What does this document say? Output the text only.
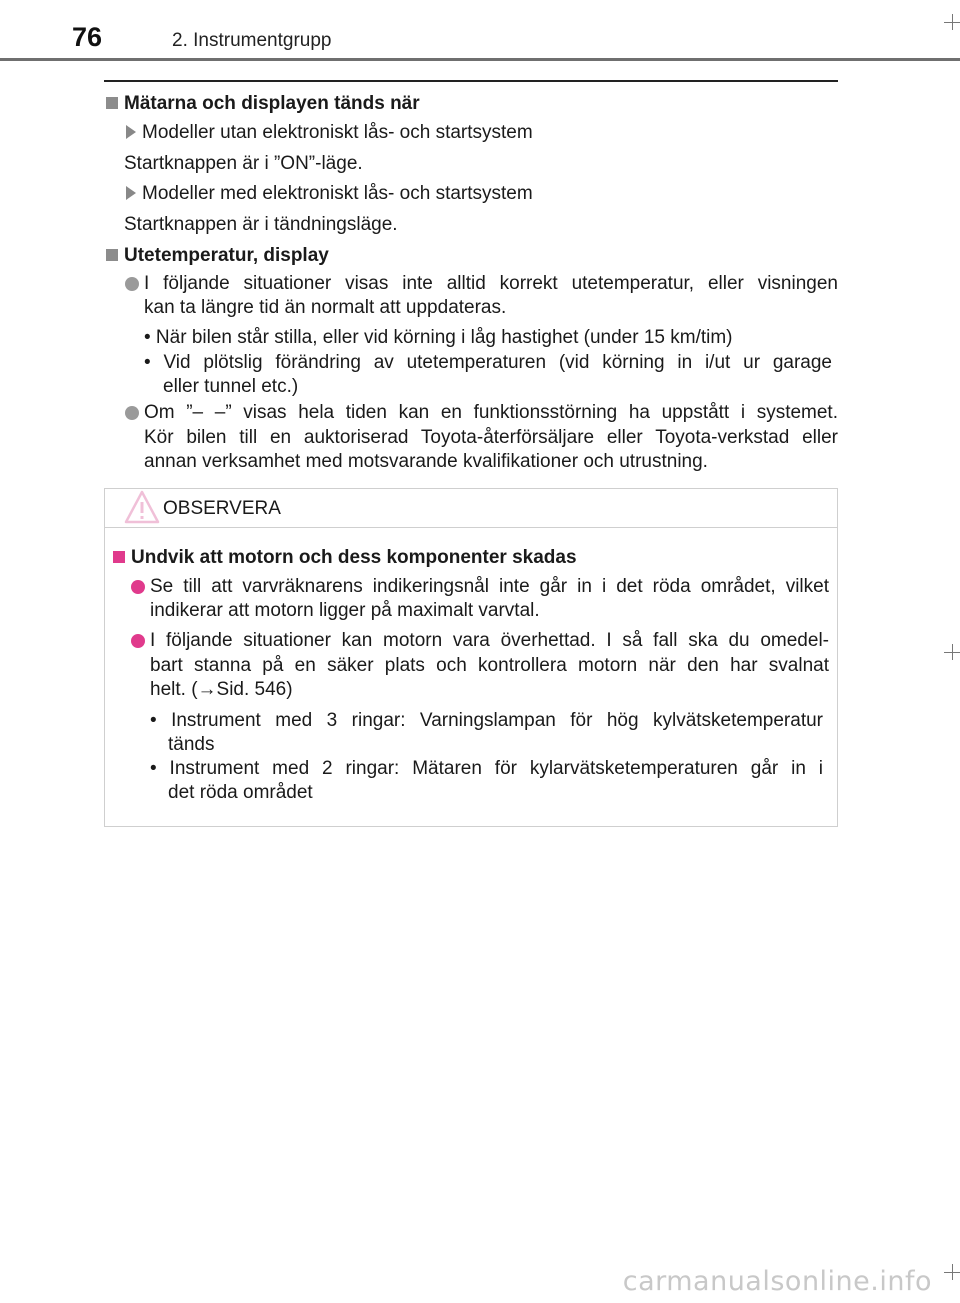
76	2. Instrumentgrupp
Mätarna och displayen tänds när
Modeller utan elektroniskt lås- och startsystem
Startknappen är i ”ON”-läge.
Modeller med elektroniskt lås- och startsystem
Startknappen är i tändningsläge.
Utetemperatur, display
I följande situationer visas inte alltid korrekt utetemperatur, eller visningen
kan ta längre tid än normalt att uppdateras.
• När bilen står stilla, eller vid körning i låg hastighet (under 15 km/tim)
• Vid plötslig förändring av utetemperaturen (vid körning in i/ut ur garage
eller tunnel etc.)
Om ”– –” visas hela tiden kan en funktionsstörning ha uppstått i systemet.
Kör bilen till en auktoriserad Toyota-återförsäljare eller Toyota-verkstad eller
annan verksamhet med motsvarande kvalifikationer och utrustning.
OBSERVERA
Undvik att motorn och dess komponenter skadas
Se till att varvräknarens indikeringsnål inte går in i det röda området, vilket
indikerar att motorn ligger på maximalt varvtal.
I följande situationer kan motorn vara överhettad. I så fall ska du omedel-
bart stanna på en säker plats och kontrollera motorn när den har svalnat
helt. (→Sid. 546)
• Instrument med 3 ringar: Varningslampan för hög kylvätsketemperatur
tänds
• Instrument med 2 ringar: Mätaren för kylarvätsketemperaturen går in i
det röda området
carmanualsonline.info
